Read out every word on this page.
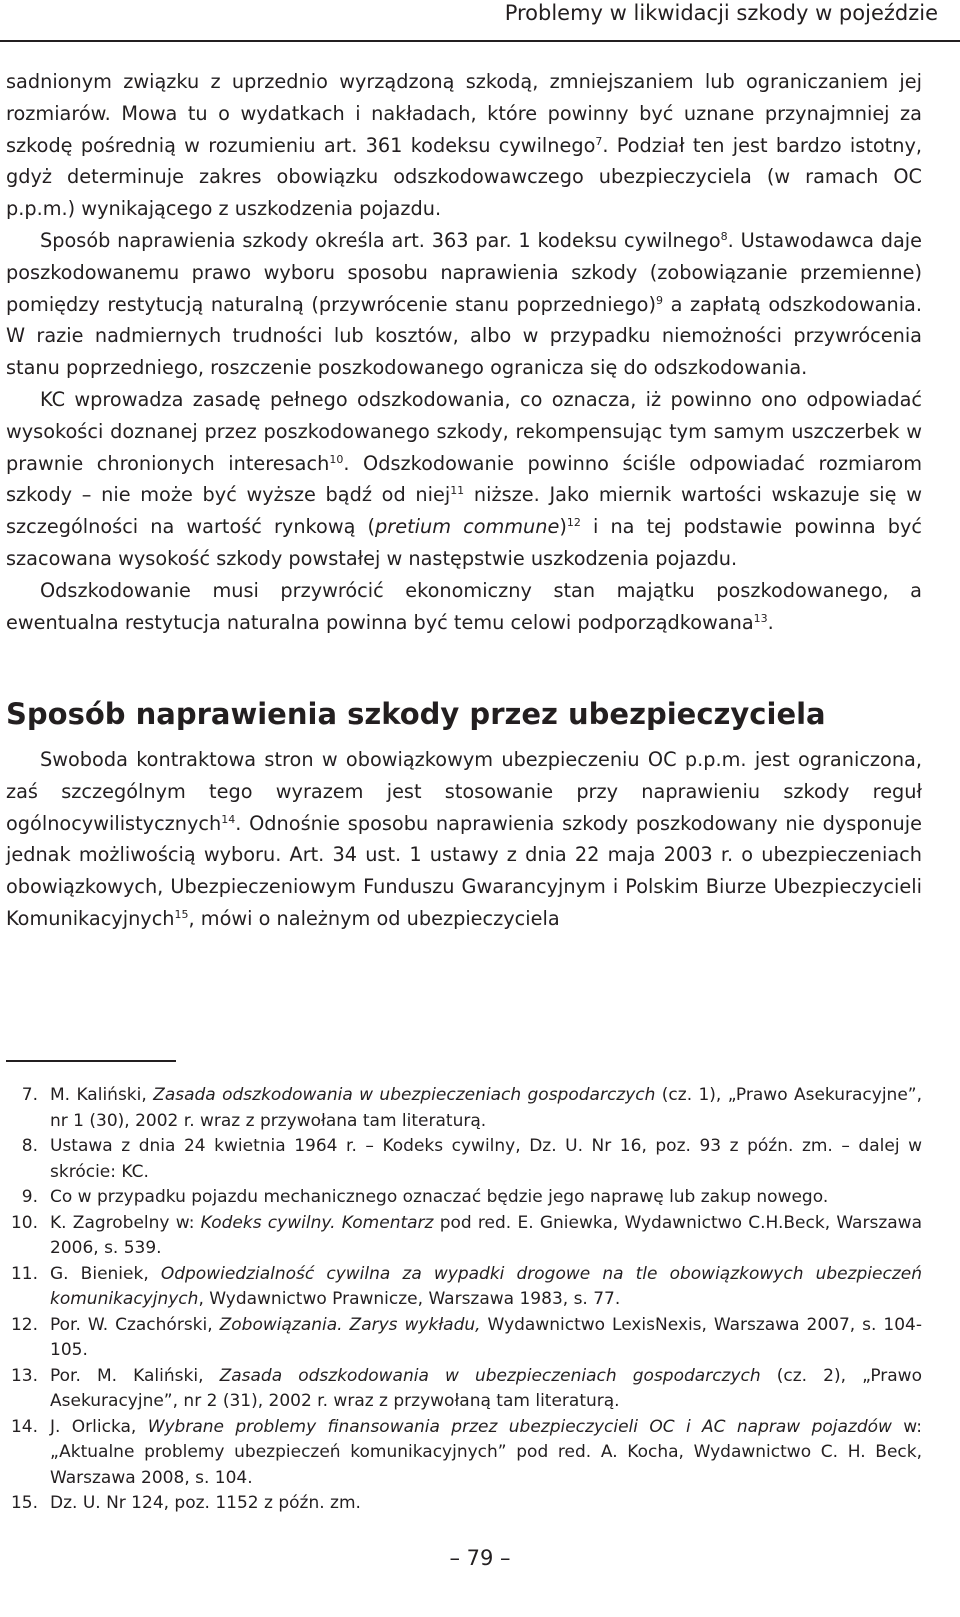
Problemy w likwidacji szkody w pojeździe

sadnionym związku z uprzednio wyrządzoną szkodą, zmniejszaniem lub ograniczaniem jej rozmiarów. Mowa tu o wydatkach i nakładach, które powinny być uznane przynajmniej za szkodę pośrednią w rozumieniu art. 361 kodeksu cywilnego$^7$. Podział ten jest bardzo istotny, gdyż determinuje zakres obowiązku odszkodowawczego ubezpieczyciela (w ramach OC p.p.m.) wynikającego z uszkodzenia pojazdu.

Sposób naprawienia szkody określa art. 363 par. 1 kodeksu cywilnego$^8$. Ustawodawca daje poszkodowanemu prawo wyboru sposobu naprawienia szkody (zobowiązanie przemienne) pomiędzy restytucją naturalną (przywrócenie stanu poprzedniego)$^9$ a zapłatą odszkodowania. W razie nadmiernych trudności lub kosztów, albo w przypadku niemożności przywrócenia stanu poprzedniego, roszczenie poszkodowanego ogranicza się do odszkodowania.

KC wprowadza zasadę pełnego odszkodowania, co oznacza, iż powinno ono odpowiadać wysokości doznanej przez poszkodowanego szkody, rekompensując tym samym uszczerbek w prawnie chronionych interesach$^{10}$. Odszkodowanie powinno ściśle odpowiadać rozmiarom szkody – nie może być wyższe bądź od niej$^{11}$ niższe. Jako miernik wartości wskazuje się w szczególności na wartość rynkową (pretium commune)$^{12}$ i na tej podstawie powinna być szacowana wysokość szkody powstałej w następstwie uszkodzenia pojazdu.

Odszkodowanie musi przywrócić ekonomiczny stan majątku poszkodowanego, a ewentualna restytucja naturalna powinna być temu celowi podporządkowana$^{13}$.

Sposób naprawienia szkody przez ubezpieczyciela

Swoboda kontraktowa stron w obowiązkowym ubezpieczeniu OC p.p.m. jest ograniczona, zaś szczególnym tego wyrazem jest stosowanie przy naprawieniu szkody reguł ogólnocywilistycznych$^{14}$. Odnośnie sposobu naprawienia szkody poszkodowany nie dysponuje jednak możliwością wyboru. Art. 34 ust. 1 ustawy z dnia 22 maja 2003 r. o ubezpieczeniach obowiązkowych, Ubezpieczeniowym Funduszu Gwarancyjnym i Polskim Biurze Ubezpieczycieli Komunikacyjnych$^{15}$, mówi o należnym od ubezpieczyciela

7. M. Kaliński, Zasada odszkodowania w ubezpieczeniach gospodarczych (cz. 1), „Prawo Asekuracyjne”, nr 1 (30), 2002 r. wraz z przywołana tam literaturą.
8. Ustawa z dnia 24 kwietnia 1964 r. – Kodeks cywilny, Dz. U. Nr 16, poz. 93 z późn. zm. – dalej w skrócie: KC.
9. Co w przypadku pojazdu mechanicznego oznaczać będzie jego naprawę lub zakup nowego.
10. K. Zagrobelny w: Kodeks cywilny. Komentarz pod red. E. Gniewka, Wydawnictwo C.H.Beck, Warszawa 2006, s. 539.
11. G. Bieniek, Odpowiedzialność cywilna za wypadki drogowe na tle obowiązkowych ubezpieczeń komunikacyjnych, Wydawnictwo Prawnicze, Warszawa 1983, s. 77.
12. Por. W. Czachórski, Zobowiązania. Zarys wykładu, Wydawnictwo LexisNexis, Warszawa 2007, s. 104-105.
13. Por. M. Kaliński, Zasada odszkodowania w ubezpieczeniach gospodarczych (cz. 2), „Prawo Asekuracyjne”, nr 2 (31), 2002 r. wraz z przywołaną tam literaturą.
14. J. Orlicka, Wybrane problemy finansowania przez ubezpieczycieli OC i AC napraw pojazdów w: „Aktualne problemy ubezpieczeń komunikacyjnych” pod red. A. Kocha, Wydawnictwo C. H. Beck, Warszawa 2008, s. 104.
15. Dz. U. Nr 124, poz. 1152 z późn. zm.
– 79 –
